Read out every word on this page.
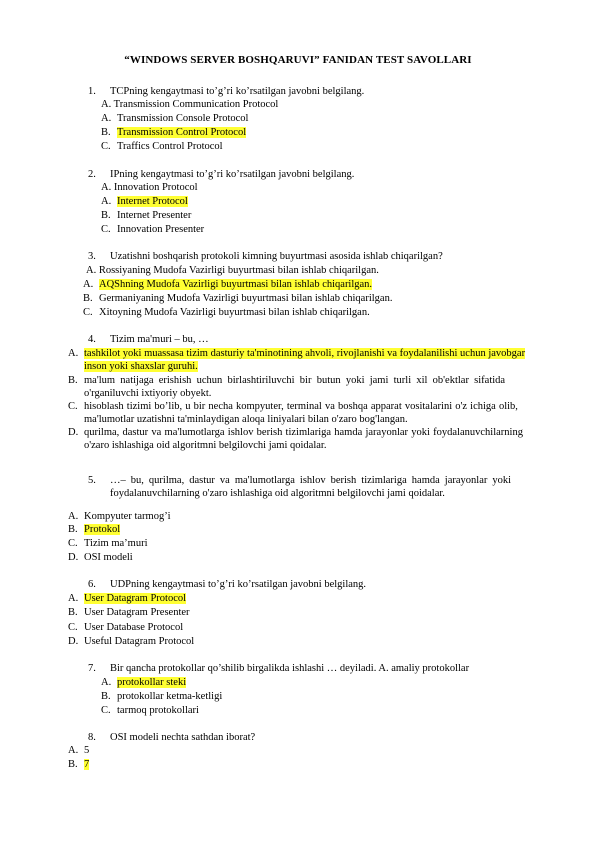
“WINDOWS SERVER BOSHQARUVI” FANIDAN TEST SAVOLLARI
1. TCPning kengaytmasi to’g’ri ko’rsatilgan javobni belgilang.
A. Transmission Communication Protocol
A. Transmission Console Protocol
B. Transmission Control Protocol
C. Traffics Control Protocol
2. IPning kengaytmasi to’g’ri ko’rsatilgan javobni belgilang.
A. Innovation Protocol
A. Internet Protocol
B. Internet Presenter
C. Innovation Presenter
3. Uzatishni boshqarish protokoli kimning buyurtmasi asosida ishlab chiqarilgan?
A. Rossiyaning Mudofa Vazirligi buyurtmasi bilan ishlab chiqarilgan.
A. AQShning Mudofa Vazirligi buyurtmasi bilan ishlab chiqarilgan.
B. Germaniyaning Mudofa Vazirligi buyurtmasi bilan ishlab chiqarilgan.
C. Xitoyning Mudofa Vazirligi buyurtmasi bilan ishlab chiqarilgan.
4. Tizim ma'muri – bu, …
A. tashkilot yoki muassasa tizim dasturiy ta'minotining ahvoli, rivojlanishi va foydalanilishi uchun javobgar
inson yoki shaxslar guruhi.
B. ma'lum natijaga erishish uchun birlashtiriluvchi bir butun yoki jami turli xil ob'ektlar sifatida
o'rganiluvchi ixtiyoriy obyekt.
C. hisoblash tizimi bo’lib, u bir necha kompyuter, terminal va boshqa apparat vositalarini o'z ichiga olib,
ma'lumotlar uzatishni ta'minlaydigan aloqa liniyalari bilan o'zaro bog'langan.
D. qurilma, dastur va ma'lumotlarga ishlov berish tizimlariga hamda jarayonlar yoki foydalanuvchilarning
o'zaro ishlashiga oid algoritmni belgilovchi jami qoidalar.
5. …– bu, qurilma, dastur va ma'lumotlarga ishlov berish tizimlariga hamda jarayonlar yoki
foydalanuvchilarning o'zaro ishlashiga oid algoritmni belgilovchi jami qoidalar.
A. Kompyuter tarmog’i
B. Protokol
C. Tizim ma’muri
D. OSI modeli
6. UDPning kengaytmasi to’g’ri ko’rsatilgan javobni belgilang.
A. User Datagram Protocol
B. User Datagram Presenter
C. User Database Protocol
D. Useful Datagram Protocol
7. Bir qancha protokollar qo’shilib birgalikda ishlashi … deyiladi. A. amaliy protokollar
A. protokollar steki
B. protokollar ketma-ketligi
C. tarmoq protokollari
8. OSI modeli nechta sathdan iborat?
A. 5
B. 7
